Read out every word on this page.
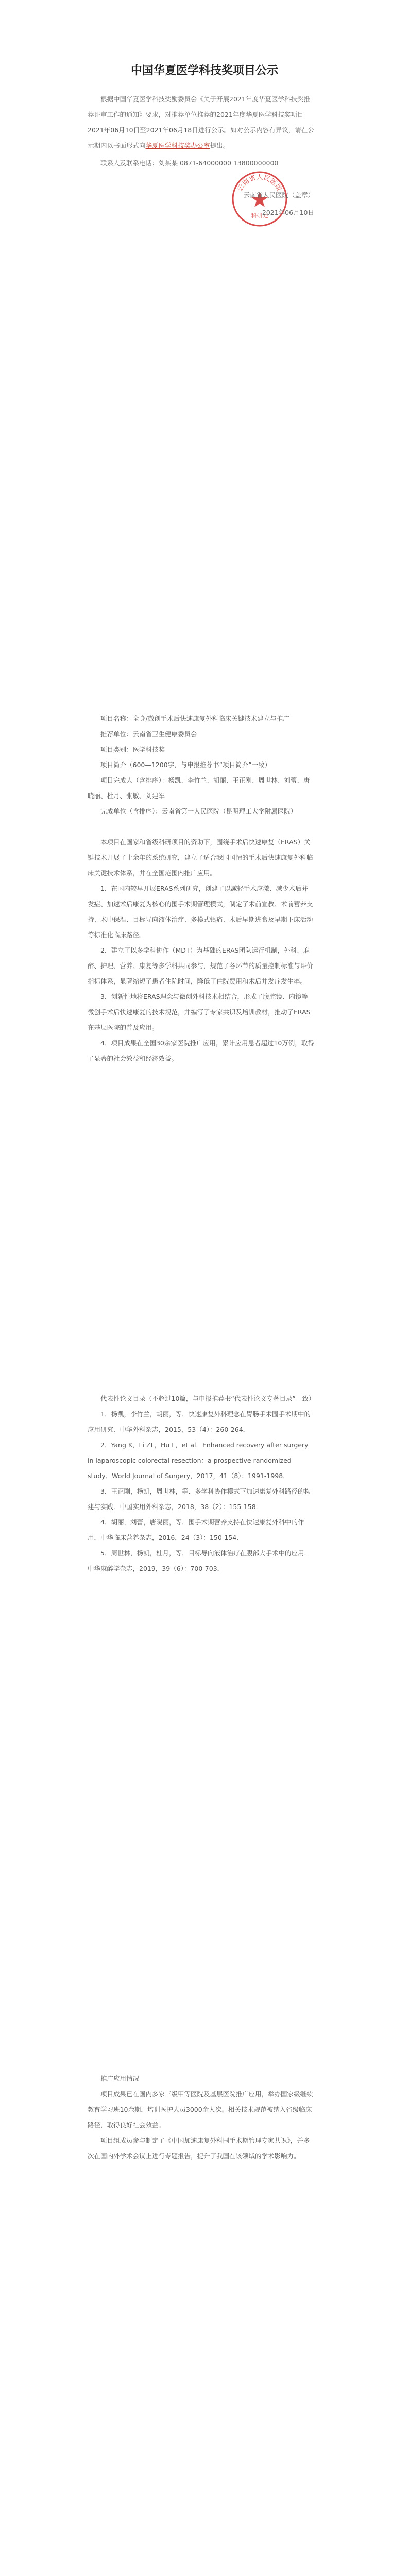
中国华夏医学科技奖项目公示
根据中国华夏医学科技奖励委员会《关于开展2021年度华夏医学科技奖推荐评审工作的通知》要求，对推荐单位推荐的2021年度华夏医学科技奖项目2021年06月10日至2021年06月18日进行公示。如对公示内容有异议，请在公示期内以书面形式向华夏医学科技奖办公室提出。
联系人及联系电话：刘某某 0871-64000000 13800000000
云南省人民医院
科研处
云南省人民医院（盖章）
2021年06月10日

项目名称：全身/微创手术后快速康复外科临床关键技术建立与推广

推荐单位：云南省卫生健康委员会

项目类别：医学科技奖

项目简介（600—1200字，与申报推荐书“项目简介”一致）

项目完成人（含排序）：杨凯、李竹兰、胡丽、王正刚、周世林、刘蕾、唐晓丽、杜月、张敏、刘建军

完成单位（含排序）：云南省第一人民医院（昆明理工大学附属医院）

本项目在国家和省级科研项目的资助下，围绕手术后快速康复（ERAS）关键技术开展了十余年的系统研究，建立了适合我国国情的手术后快速康复外科临床关键技术体系，并在全国范围内推广应用。

1．在国内较早开展ERAS系列研究，创建了以减轻手术应激、减少术后并发症、加速术后康复为核心的围手术期管理模式，制定了术前宣教、术前营养支持、术中保温、目标导向液体治疗、多模式镇痛、术后早期进食及早期下床活动等标准化临床路径。

2．建立了以多学科协作（MDT）为基础的ERAS团队运行机制，外科、麻醉、护理、营养、康复等多学科共同参与，规范了各环节的质量控制标准与评价指标体系，显著缩短了患者住院时间，降低了住院费用和术后并发症发生率。

3．创新性地将ERAS理念与微创外科技术相结合，形成了腹腔镜、内镜等微创手术后快速康复的技术规范，并编写了专家共识及培训教材，推动了ERAS在基层医院的普及应用。

4．项目成果在全国30余家医院推广应用，累计应用患者超过10万例，取得了显著的社会效益和经济效益。

代表性论文目录（不超过10篇，与申报推荐书“代表性论文专著目录”一致）

1．杨凯，李竹兰，胡丽，等．快速康复外科理念在胃肠手术围手术期中的应用研究．中华外科杂志，2015，53（4）：260-264．

2．Yang K，Li ZL，Hu L，et al．Enhanced recovery after surgery in laparoscopic colorectal resection：a prospective randomized study．World Journal of Surgery，2017，41（8）：1991-1998．

3．王正刚，杨凯，周世林，等．多学科协作模式下加速康复外科路径的构建与实践．中国实用外科杂志，2018，38（2）：155-158．

4．胡丽，刘蕾，唐晓丽，等．围手术期营养支持在快速康复外科中的作用．中华临床营养杂志，2016，24（3）：150-154．

5．周世林，杨凯，杜月，等．目标导向液体治疗在腹部大手术中的应用．中华麻醉学杂志，2019，39（6）：700-703．

推广应用情况

项目成果已在国内多家三级甲等医院及基层医院推广应用，举办国家级继续教育学习班10余期，培训医护人员3000余人次。相关技术规范被纳入省级临床路径，取得良好社会效益。

项目组成员参与制定了《中国加速康复外科围手术期管理专家共识》，并多次在国内外学术会议上进行专题报告，提升了我国在该领域的学术影响力。
